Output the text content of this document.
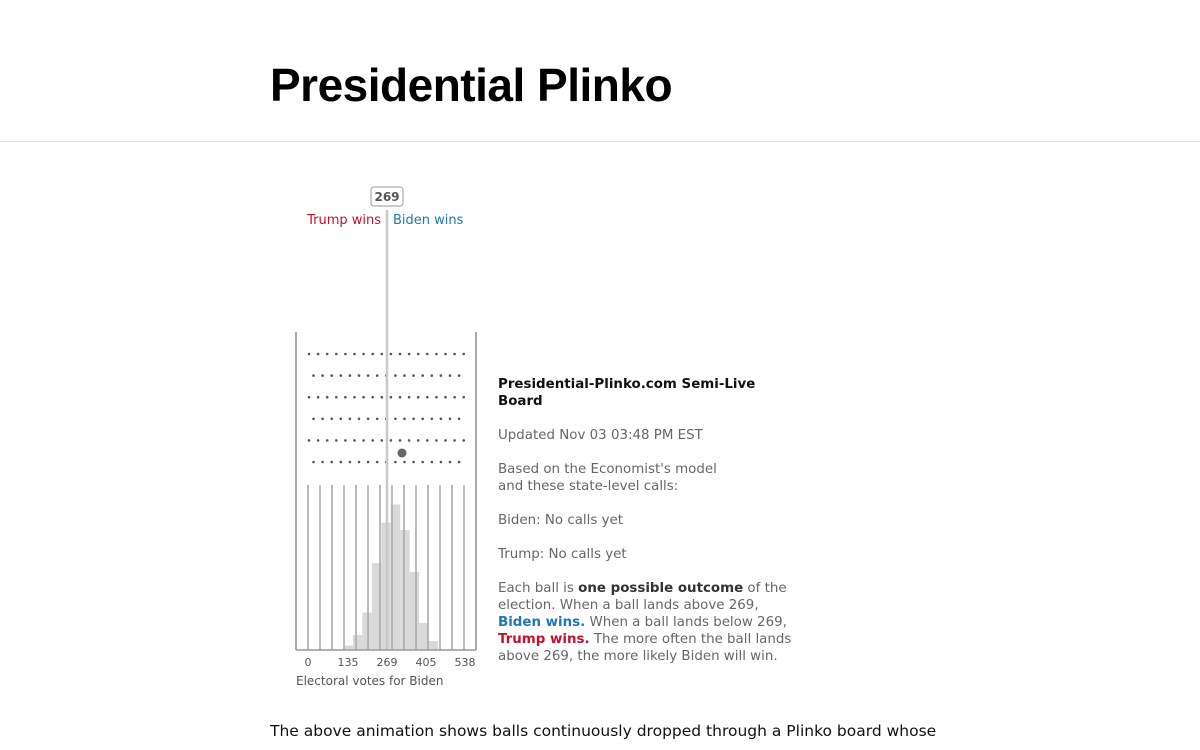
Presidential Plinko
269
Trump wins Biden wins
0 135 269 405 538
Electoral votes for Biden

Presidential-Plinko.com Semi-Live Board

Updated Nov 03 03:48 PM EST

Based on the Economist's model
and these state-level calls:

Biden: No calls yet

Trump: No calls yet

Each ball is one possible outcome of the election. When a ball lands above 269, Biden wins. When a ball lands below 269, Trump wins. The more often the ball lands above 269, the more likely Biden will win.

The above animation shows balls continuously dropped through a Plinko board whose
